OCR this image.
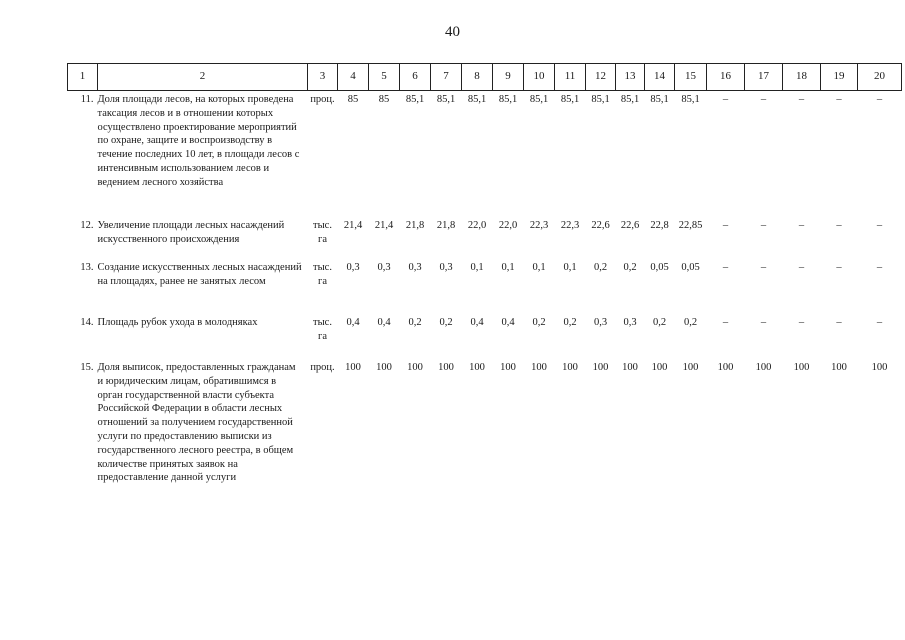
40
1	2	3	4	5	6	7	8	9	10	11	12	13	14	15	16	17	18	19	20
11.	Доля площади лесов, на которых проведена таксация лесов и в отношении которых осуществлено проектирование мероприятий по охране, защите и воспроизводству в течение последних 10 лет, в площади лесов с интенсивным использованием лесов и ведением лесного хозяйства	проц.	85	85	85,1	85,1	85,1	85,1	85,1	85,1	85,1	85,1	85,1	85,1	–	–	–	–	–
12.	Увеличение площади лесных насаждений искусственного происхождения	тыс. га	21,4	21,4	21,8	21,8	22,0	22,0	22,3	22,3	22,6	22,6	22,8	22,85	–	–	–	–	–
13.	Создание искусственных лесных насаждений на площадях, ранее не занятых лесом	тыс. га	0,3	0,3	0,3	0,3	0,1	0,1	0,1	0,1	0,2	0,2	0,05	0,05	–	–	–	–	–
14.	Площадь рубок ухода в молодняках	тыс. га	0,4	0,4	0,2	0,2	0,4	0,4	0,2	0,2	0,3	0,3	0,2	0,2	–	–	–	–	–
15.	Доля выписок, предоставленных гражданам и юридическим лицам, обратившимся в орган государственной власти субъекта Российской Федерации в области лесных отношений за получением государственной услуги по предоставлению выписки из государственного лесного реестра, в общем количестве принятых заявок на предоставление данной услуги	проц.	100	100	100	100	100	100	100	100	100	100	100	100	100	100	100	100	100
